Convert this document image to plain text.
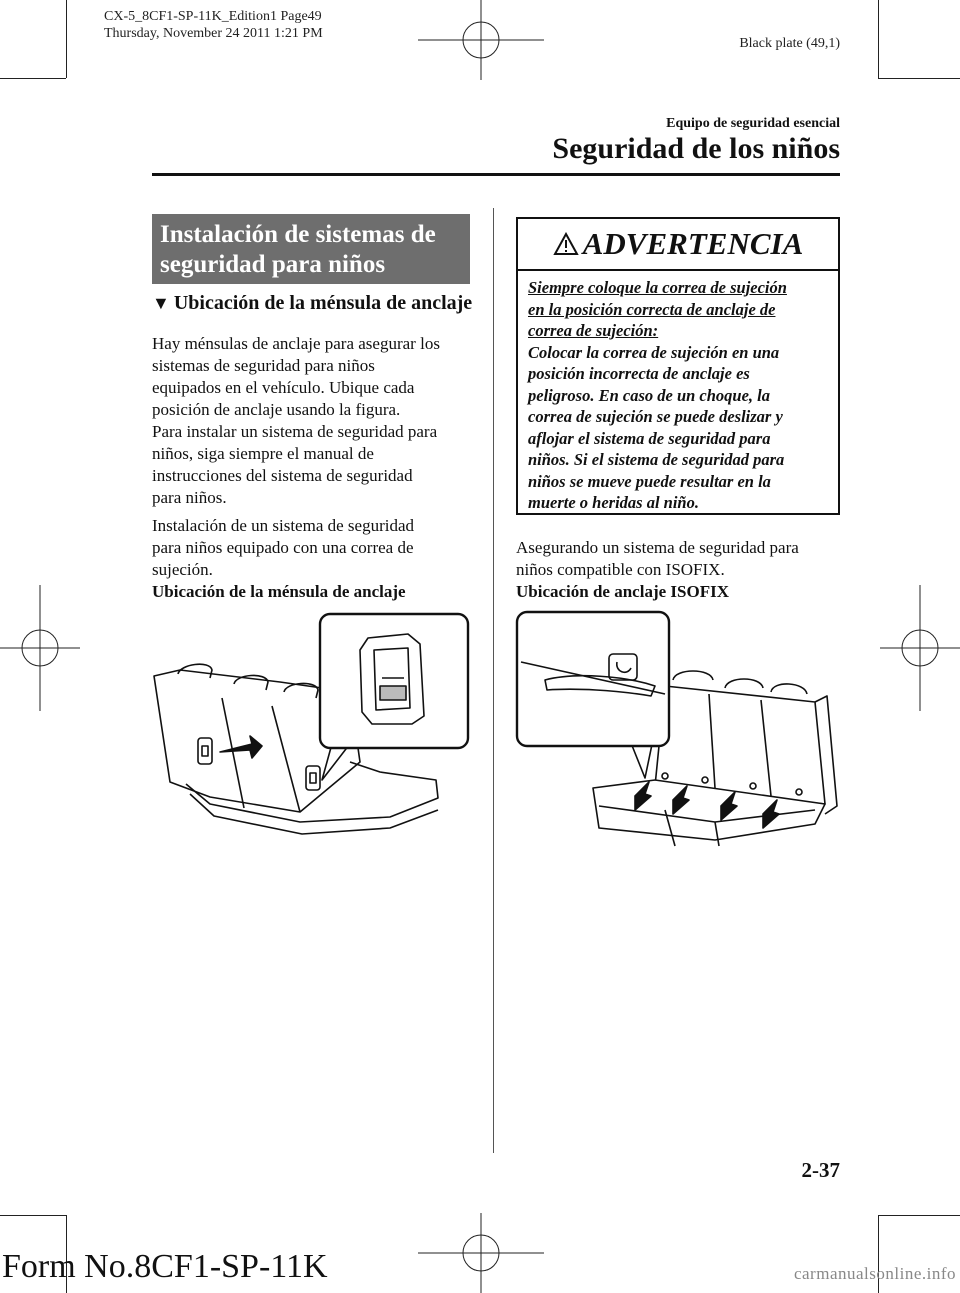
CX-5_8CF1-SP-11K_Edition1 Page49
Thursday, November 24 2011 1:21 PM
Black plate (49,1)
Equipo de seguridad esencial
Seguridad de los niños
Instalación de sistemas de
seguridad para niños
▼ Ubicación de la ménsula de anclaje

Hay ménsulas de anclaje para asegurar los
sistemas de seguridad para niños
equipados en el vehículo. Ubique cada
posición de anclaje usando la figura.
Para instalar un sistema de seguridad para
niños, siga siempre el manual de
instrucciones del sistema de seguridad
para niños.

Instalación de un sistema de seguridad
para niños equipado con una correa de
sujeción.
Ubicación de la ménsula de anclaje

ADVERTENCIA
Siempre coloque la correa de sujeción
en la posición correcta de anclaje de
correa de sujeción:
Colocar la correa de sujeción en una
posición incorrecta de anclaje es
peligroso. En caso de un choque, la
correa de sujeción se puede deslizar y
aflojar el sistema de seguridad para
niños. Si el sistema de seguridad para
niños se mueve puede resultar en la
muerte o heridas al niño.

Asegurando un sistema de seguridad para
niños compatible con ISOFIX.
Ubicación de anclaje ISOFIX

2-37
Form No.8CF1-SP-11K	carmanualsonline.info
